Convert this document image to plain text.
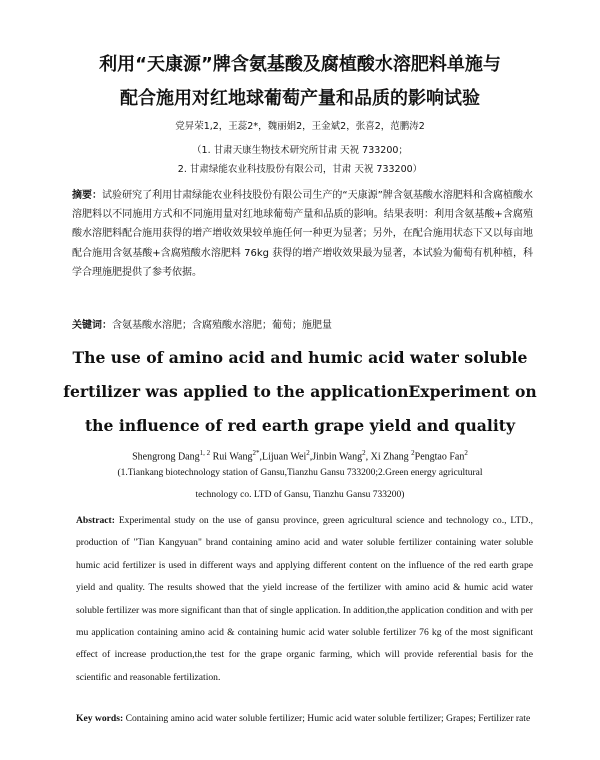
利用“天康源”牌含氨基酸及腐植酸水溶肥料单施与
配合施用对红地球葡萄产量和品质的影响试验
党昇荣1,2，王蕊2*，魏丽娟2，王金斌2，张喜2，范鹏涛2
（1. 甘肃天康生物技术研究所甘肃 天祝 733200；
2. 甘肃绿能农业科技股份有限公司，甘肃 天祝 733200）

摘要：试验研究了利用甘肃绿能农业科技股份有限公司生产的“天康源”牌含氨基酸水溶肥料和含腐植酸水溶肥料以不同施用方式和不同施用量对红地球葡萄产量和品质的影响。结果表明：利用含氨基酸+含腐殖酸水溶肥料配合施用获得的增产增收效果较单施任何一种更为显著；另外，在配合施用状态下又以每亩地配合施用含氨基酸+含腐殖酸水溶肥料 76kg 获得的增产增收效果最为显著，本试验为葡萄有机种植，科学合理施肥提供了参考依据。

关键词：含氨基酸水溶肥；含腐殖酸水溶肥；葡萄；施肥量

The use of amino acid and humic acid water soluble
fertilizer was applied to the applicationExperiment on
the influence of red earth grape yield and quality
Shengrong Dang$^{1, 2}$ Rui Wang$^{2*}$,Lijuan Wei$^2$,Jinbin Wang$^2$, Xi Zhang $^2$Pengtao Fan$^2$
(1.Tiankang biotechnology station of Gansu,Tianzhu Gansu 733200;2.Green energy agricultural
technology co. LTD of Gansu, Tianzhu Gansu 733200)

Abstract: Experimental study on the use of gansu province, green agricultural science and technology co., LTD., production of "Tian Kangyuan" brand containing amino acid and water soluble fertilizer containing water soluble humic acid fertilizer is used in different ways and applying different content on the influence of the red earth grape yield and quality. The results showed that the yield increase of the fertilizer with amino acid & humic acid water soluble fertilizer was more significant than that of single application. In addition,the application condition and with per mu application containing amino acid & containing humic acid water soluble fertilizer 76 kg of the most significant effect of increase production,the test for the grape organic farming, which will provide referential basis for the scientific and reasonable fertilization.

Key words: Containing amino acid water soluble fertilizer; Humic acid water soluble fertilizer; Grapes; Fertilizer rate
